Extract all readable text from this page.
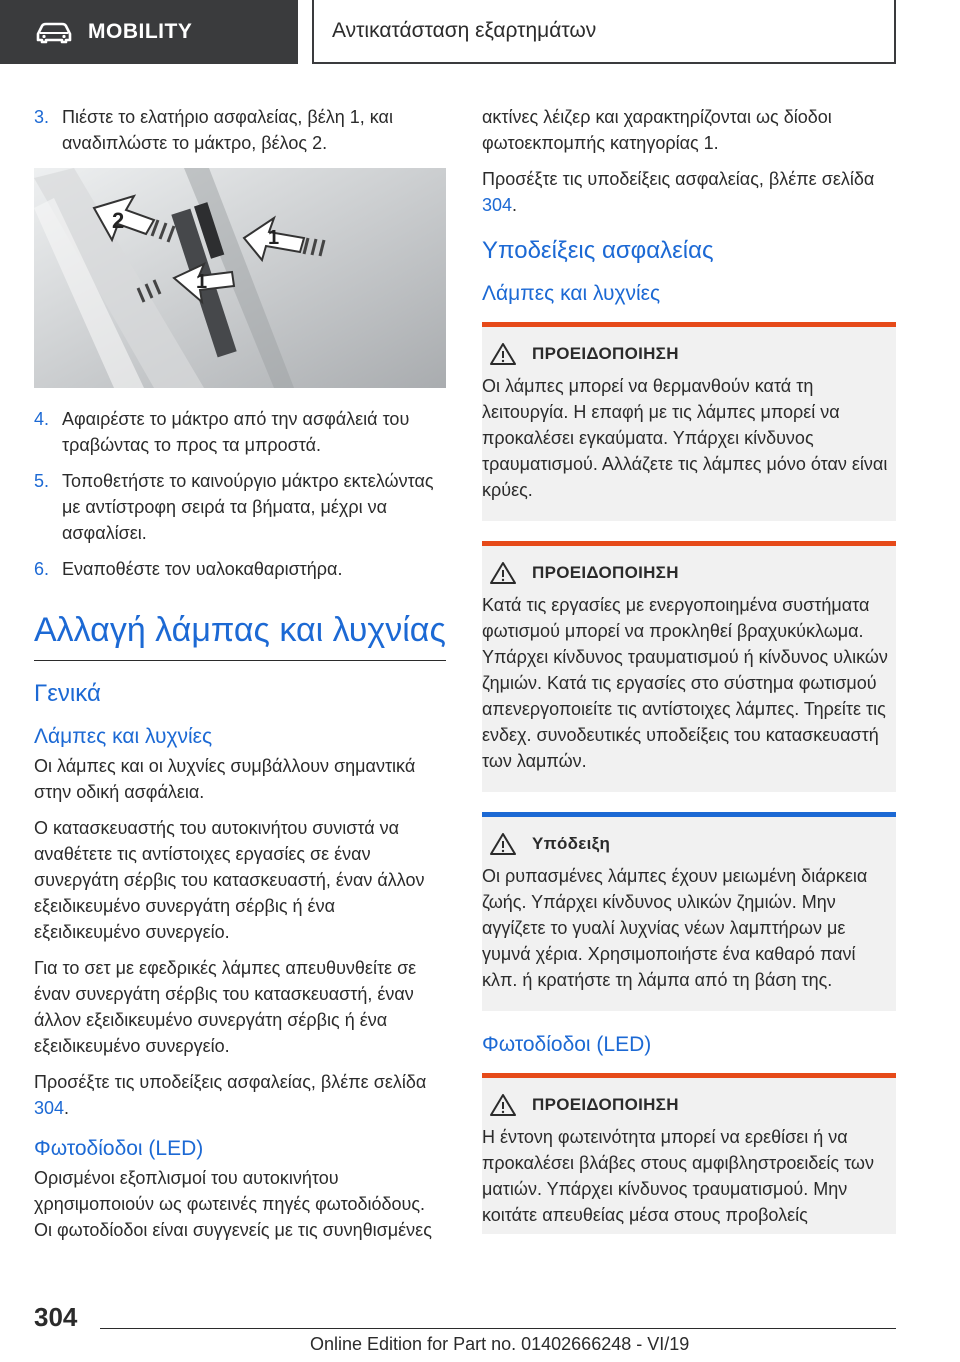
MOBILITY	Αντικατάσταση εξαρτημάτων
3. Πιέστε το ελατήριο ασφαλείας, βέλη 1, και αναδιπλώστε το μάκτρο, βέλος 2.
2
1
1
4. Αφαιρέστε το μάκτρο από την ασφάλειά του τραβώντας το προς τα μπροστά.
5. Τοποθετήστε το καινούργιο μάκτρο εκτελώντας με αντίστροφη σειρά τα βήματα, μέχρι να ασφαλίσει.
6. Εναποθέστε τον υαλοκαθαριστήρα.
Αλλαγή λάμπας και λυχνίας
Γενικά
Λάμπες και λυχνίες

Οι λάμπες και οι λυχνίες συμβάλλουν σημαντικά στην οδική ασφάλεια.

Ο κατασκευαστής του αυτοκινήτου συνιστά να αναθέτετε τις αντίστοιχες εργασίες σε έναν συνεργάτη σέρβις του κατασκευαστή, έναν άλλον εξειδικευμένο συνεργάτη σέρβις ή ένα εξειδικευμένο συνεργείο.

Για το σετ με εφεδρικές λάμπες απευθυνθείτε σε έναν συνεργάτη σέρβις του κατασκευαστή, έναν άλλον εξειδικευμένο συνεργάτη σέρβις ή ένα εξειδικευμένο συνεργείο.

Προσέξτε τις υποδείξεις ασφαλείας, βλέπε σελίδα 304.

Φωτοδίοδοι (LED)

Ορισμένοι εξοπλισμοί του αυτοκινήτου χρησιμοποιούν ως φωτεινές πηγές φωτοδιόδους. Οι φωτοδίοδοι είναι συγγενείς με τις συνηθισμένες

ακτίνες λέιζερ και χαρακτηρίζονται ως δίοδοι φωτοεκπομπής κατηγορίας 1.

Προσέξτε τις υποδείξεις ασφαλείας, βλέπε σελίδα 304.

Υποδείξεις ασφαλείας
Λάμπες και λυχνίες
ΠΡΟΕΙΔΟΠΟΙΗΣΗ
Οι λάμπες μπορεί να θερμανθούν κατά τη λειτουργία. Η επαφή με τις λάμπες μπορεί να προκαλέσει εγκαύματα. Υπάρχει κίνδυνος τραυματισμού. Αλλάζετε τις λάμπες μόνο όταν είναι κρύες.
ΠΡΟΕΙΔΟΠΟΙΗΣΗ
Κατά τις εργασίες με ενεργοποιημένα συστήματα φωτισμού μπορεί να προκληθεί βραχυκύκλωμα. Υπάρχει κίνδυνος τραυματισμού ή κίνδυνος υλικών ζημιών. Κατά τις εργασίες στο σύστημα φωτισμού απενεργοποιείτε τις αντίστοιχες λάμπες. Τηρείτε τις ενδεχ. συνοδευτικές υποδείξεις του κατασκευαστή των λαμπών.
Υπόδειξη
Οι ρυπασμένες λάμπες έχουν μειωμένη διάρκεια ζωής. Υπάρχει κίνδυνος υλικών ζημιών. Μην αγγίζετε το γυαλί λυχνίας νέων λαμπτήρων με γυμνά χέρια. Χρησιμοποιήστε ένα καθαρό πανί κλπ. ή κρατήστε τη λάμπα από τη βάση της.
Φωτοδίοδοι (LED)
ΠΡΟΕΙΔΟΠΟΙΗΣΗ
Η έντονη φωτεινότητα μπορεί να ερεθίσει ή να προκαλέσει βλάβες στους αμφιβληστροειδείς των ματιών. Υπάρχει κίνδυνος τραυματισμού. Μην κοιτάτε απευθείας μέσα στους προβολείς
304
Online Edition for Part no. 01402666248 - VI/19
